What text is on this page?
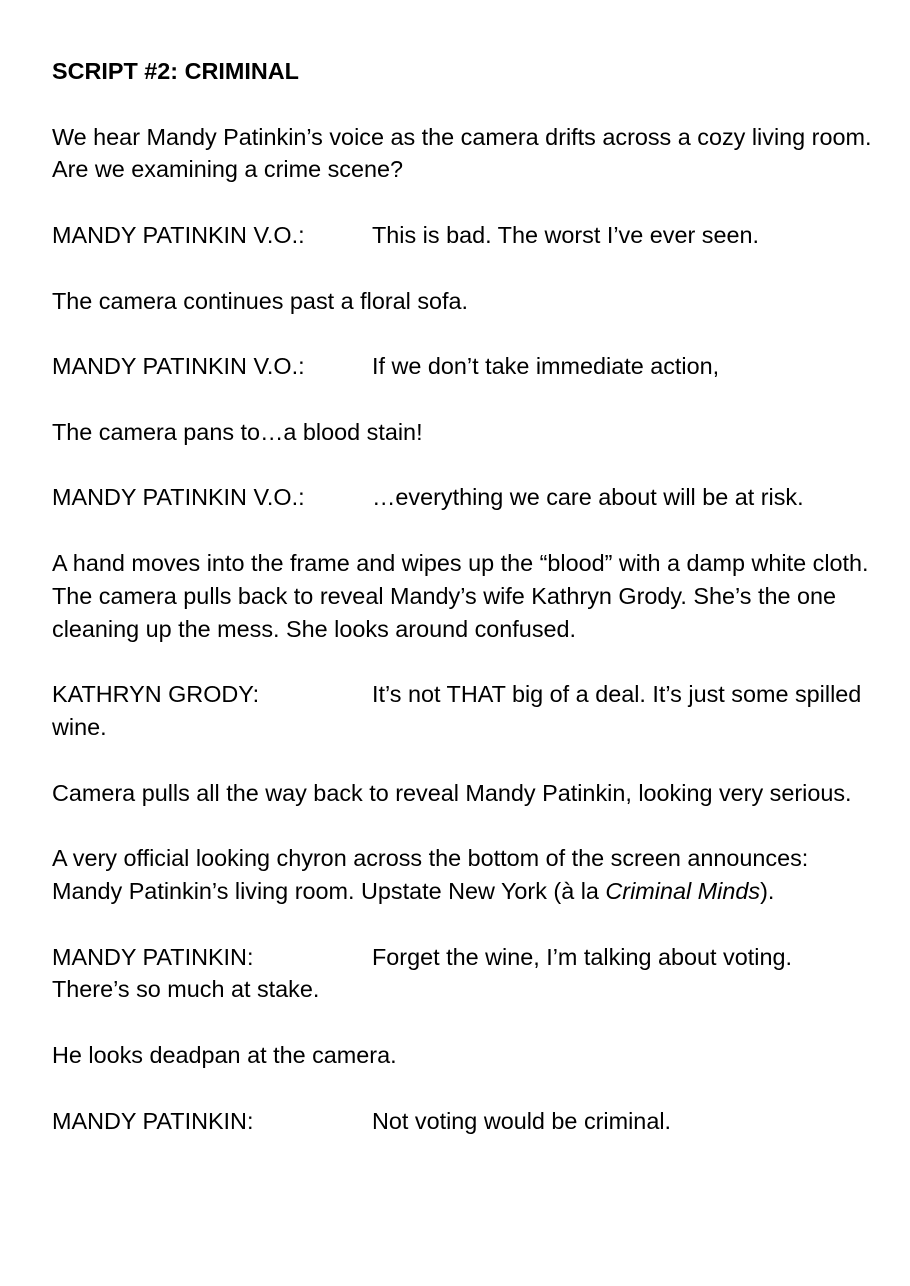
SCRIPT #2: CRIMINAL

We hear Mandy Patinkin’s voice as the camera drifts across a cozy living room. Are we examining a crime scene?

MANDY PATINKIN V.O.:	This is bad. The worst I’ve ever seen.

The camera continues past a floral sofa.

MANDY PATINKIN V.O.:	If we don’t take immediate action,

The camera pans to…a blood stain!

MANDY PATINKIN V.O.:	…everything we care about will be at risk.

A hand moves into the frame and wipes up the “blood” with a damp white cloth. The camera pulls back to reveal Mandy’s wife Kathryn Grody. She’s the one cleaning up the mess. She looks around confused.

KATHRYN GRODY:	It’s not THAT big of a deal. It’s just some spilled wine.

Camera pulls all the way back to reveal Mandy Patinkin, looking very serious.

A very official looking chyron across the bottom of the screen announces: Mandy Patinkin’s living room. Upstate New York (à la Criminal Minds).

MANDY PATINKIN:	Forget the wine, I’m talking about voting. There’s so much at stake.

He looks deadpan at the camera.

MANDY PATINKIN:	Not voting would be criminal.
